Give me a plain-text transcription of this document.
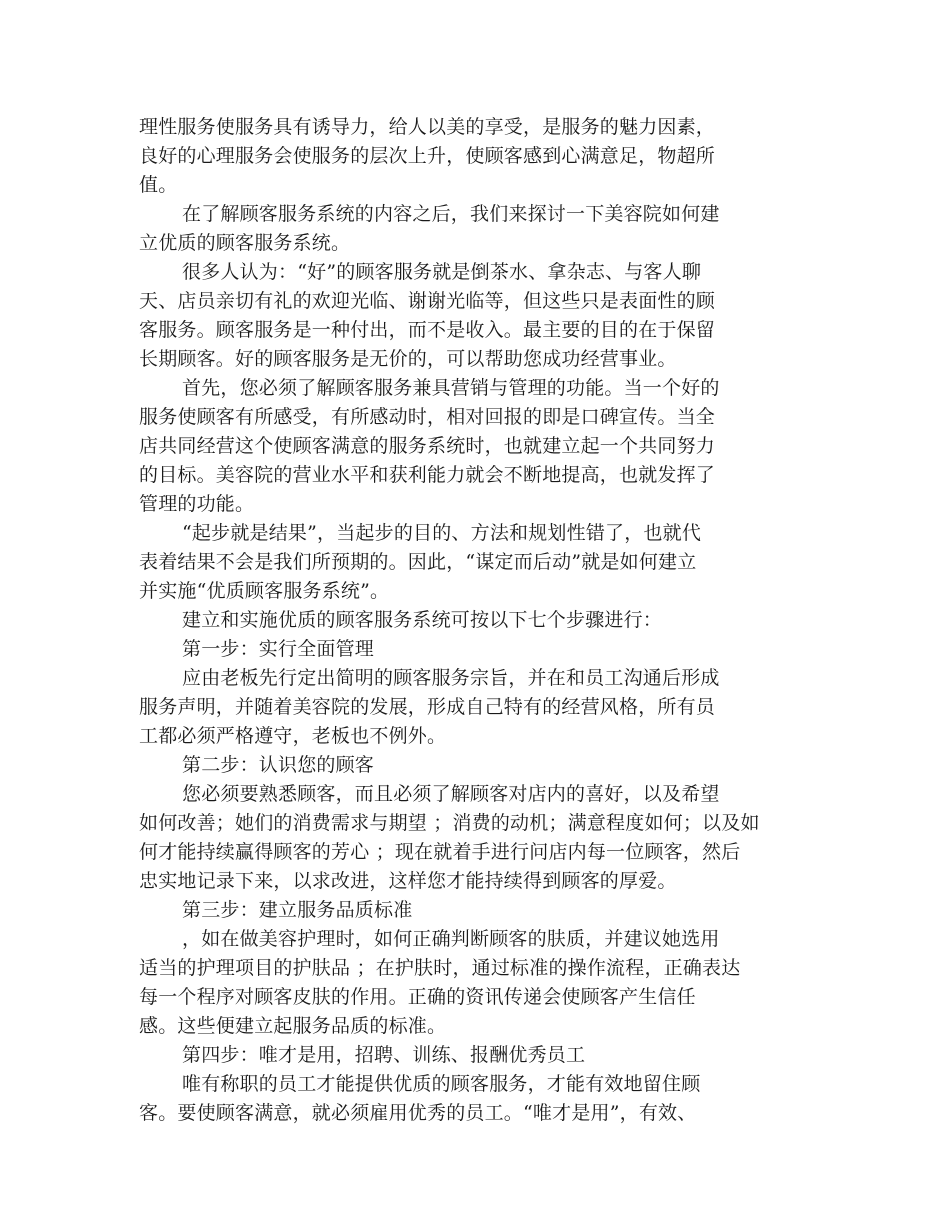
理性服务使服务具有诱导力，给人以美的享受，是服务的魅力因素，
良好的心理服务会使服务的层次上升，使顾客感到心满意足，物超所
值。
在了解顾客服务系统的内容之后，我们来探讨一下美容院如何建
立优质的顾客服务系统。
很多人认为：“好”的顾客服务就是倒茶水、拿杂志、与客人聊
天、店员亲切有礼的欢迎光临、谢谢光临等，但这些只是表面性的顾
客服务。顾客服务是一种付出，而不是收入。最主要的目的在于保留
长期顾客。好的顾客服务是无价的，可以帮助您成功经营事业。
首先，您必须了解顾客服务兼具营销与管理的功能。当一个好的
服务使顾客有所感受，有所感动时，相对回报的即是口碑宣传。当全
店共同经营这个使顾客满意的服务系统时，也就建立起一个共同努力
的目标。美容院的营业水平和获利能力就会不断地提高，也就发挥了
管理的功能。
“起步就是结果”，当起步的目的、方法和规划性错了，也就代
表着结果不会是我们所预期的。因此，“谋定而后动”就是如何建立
并实施“优质顾客服务系统”。
建立和实施优质的顾客服务系统可按以下七个步骤进行：
第一步：实行全面管理
应由老板先行定出简明的顾客服务宗旨，并在和员工沟通后形成
服务声明，并随着美容院的发展，形成自己特有的经营风格，所有员
工都必须严格遵守，老板也不例外。
第二步：认识您的顾客
您必须要熟悉顾客，而且必须了解顾客对店内的喜好，以及希望
如何改善；她们的消费需求与期望 ；消费的动机；满意程度如何；以及如
何才能持续赢得顾客的芳心 ；现在就着手进行问店内每一位顾客，然后
忠实地记录下来，以求改进，这样您才能持续得到顾客的厚爱。
第三步：建立服务品质标准
，如在做美容护理时，如何正确判断顾客的肤质，并建议她选用
适当的护理项目的护肤品 ；在护肤时，通过标准的操作流程，正确表达
每一个程序对顾客皮肤的作用。正确的资讯传递会使顾客产生信任
感。这些便建立起服务品质的标准。
第四步：唯才是用，招聘、训练、报酬优秀员工
唯有称职的员工才能提供优质的顾客服务，才能有效地留住顾
客。要使顾客满意，就必须雇用优秀的员工。“唯才是用”，有效、
